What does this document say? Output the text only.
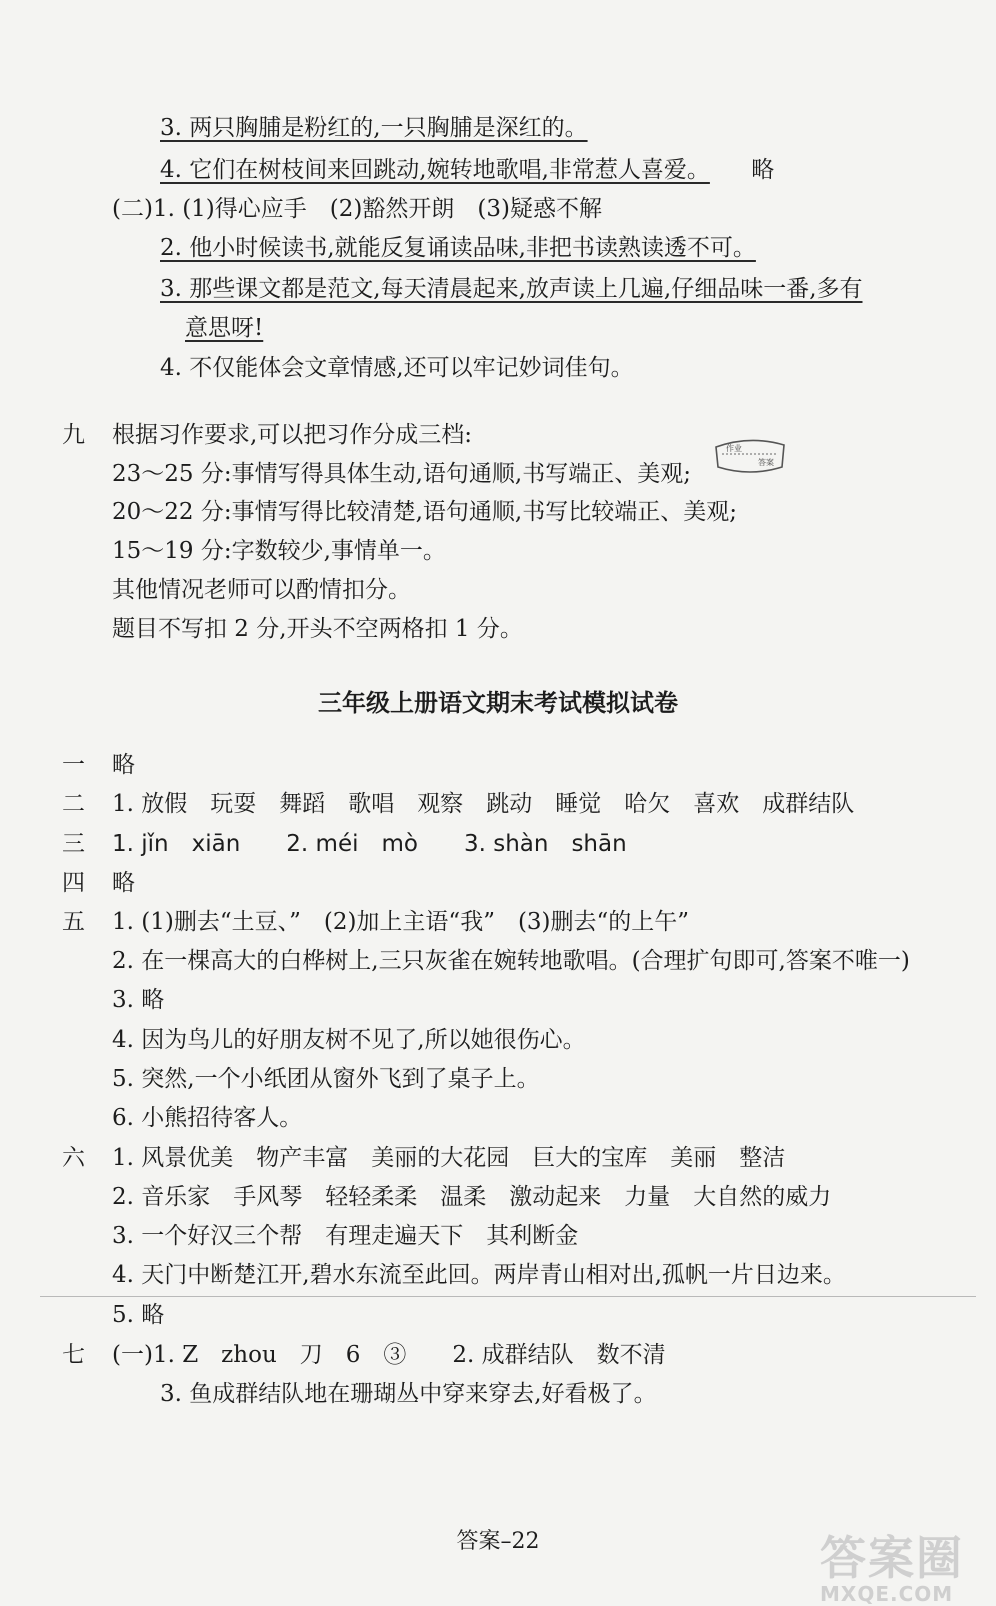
3. 两只胸脯是粉红的,一只胸脯是深红的。
4. 它们在树枝间来回跳动,婉转地歌唱,非常惹人喜爱。 略
(二)1. (1)得心应手　(2)豁然开朗　(3)疑惑不解
2. 他小时候读书,就能反复诵读品味,非把书读熟读透不可。
3. 那些课文都是范文,每天清晨起来,放声读上几遍,仔细品味一番,多有
意思呀!
4. 不仅能体会文章情感,还可以牢记妙词佳句。
九 根据习作要求,可以把习作分成三档:
23～25 分:事情写得具体生动,语句通顺,书写端正、美观;
20～22 分:事情写得比较清楚,语句通顺,书写比较端正、美观;
15～19 分:字数较少,事情单一。
其他情况老师可以酌情扣分。
题目不写扣 2 分,开头不空两格扣 1 分。
作业
答案
三年级上册语文期末考试模拟试卷
一 略
二 1. 放假　玩耍　舞蹈　歌唱　观察　跳动　睡觉　哈欠　喜欢　成群结队
三 1. jǐn　xiān　　2. méi　mò　　3. shàn　shān
四 略
五 1. (1)删去“土豆、”　(2)加上主语“我”　(3)删去“的上午”
2. 在一棵高大的白桦树上,三只灰雀在婉转地歌唱。(合理扩句即可,答案不唯一)
3. 略
4. 因为鸟儿的好朋友树不见了,所以她很伤心。
5. 突然,一个小纸团从窗外飞到了桌子上。
6. 小熊招待客人。
六 1. 风景优美　物产丰富　美丽的大花园　巨大的宝库　美丽　整洁
2. 音乐家　手风琴　轻轻柔柔　温柔　激动起来　力量　大自然的威力
3. 一个好汉三个帮　有理走遍天下　其利断金
4. 天门中断楚江开,碧水东流至此回。两岸青山相对出,孤帆一片日边来。
5. 略
七 (一)1. Z　zhou　刀　6　③　　2. 成群结队　数不清
3. 鱼成群结队地在珊瑚丛中穿来穿去,好看极了。
答案–22	答案圈
MXQE.COM
